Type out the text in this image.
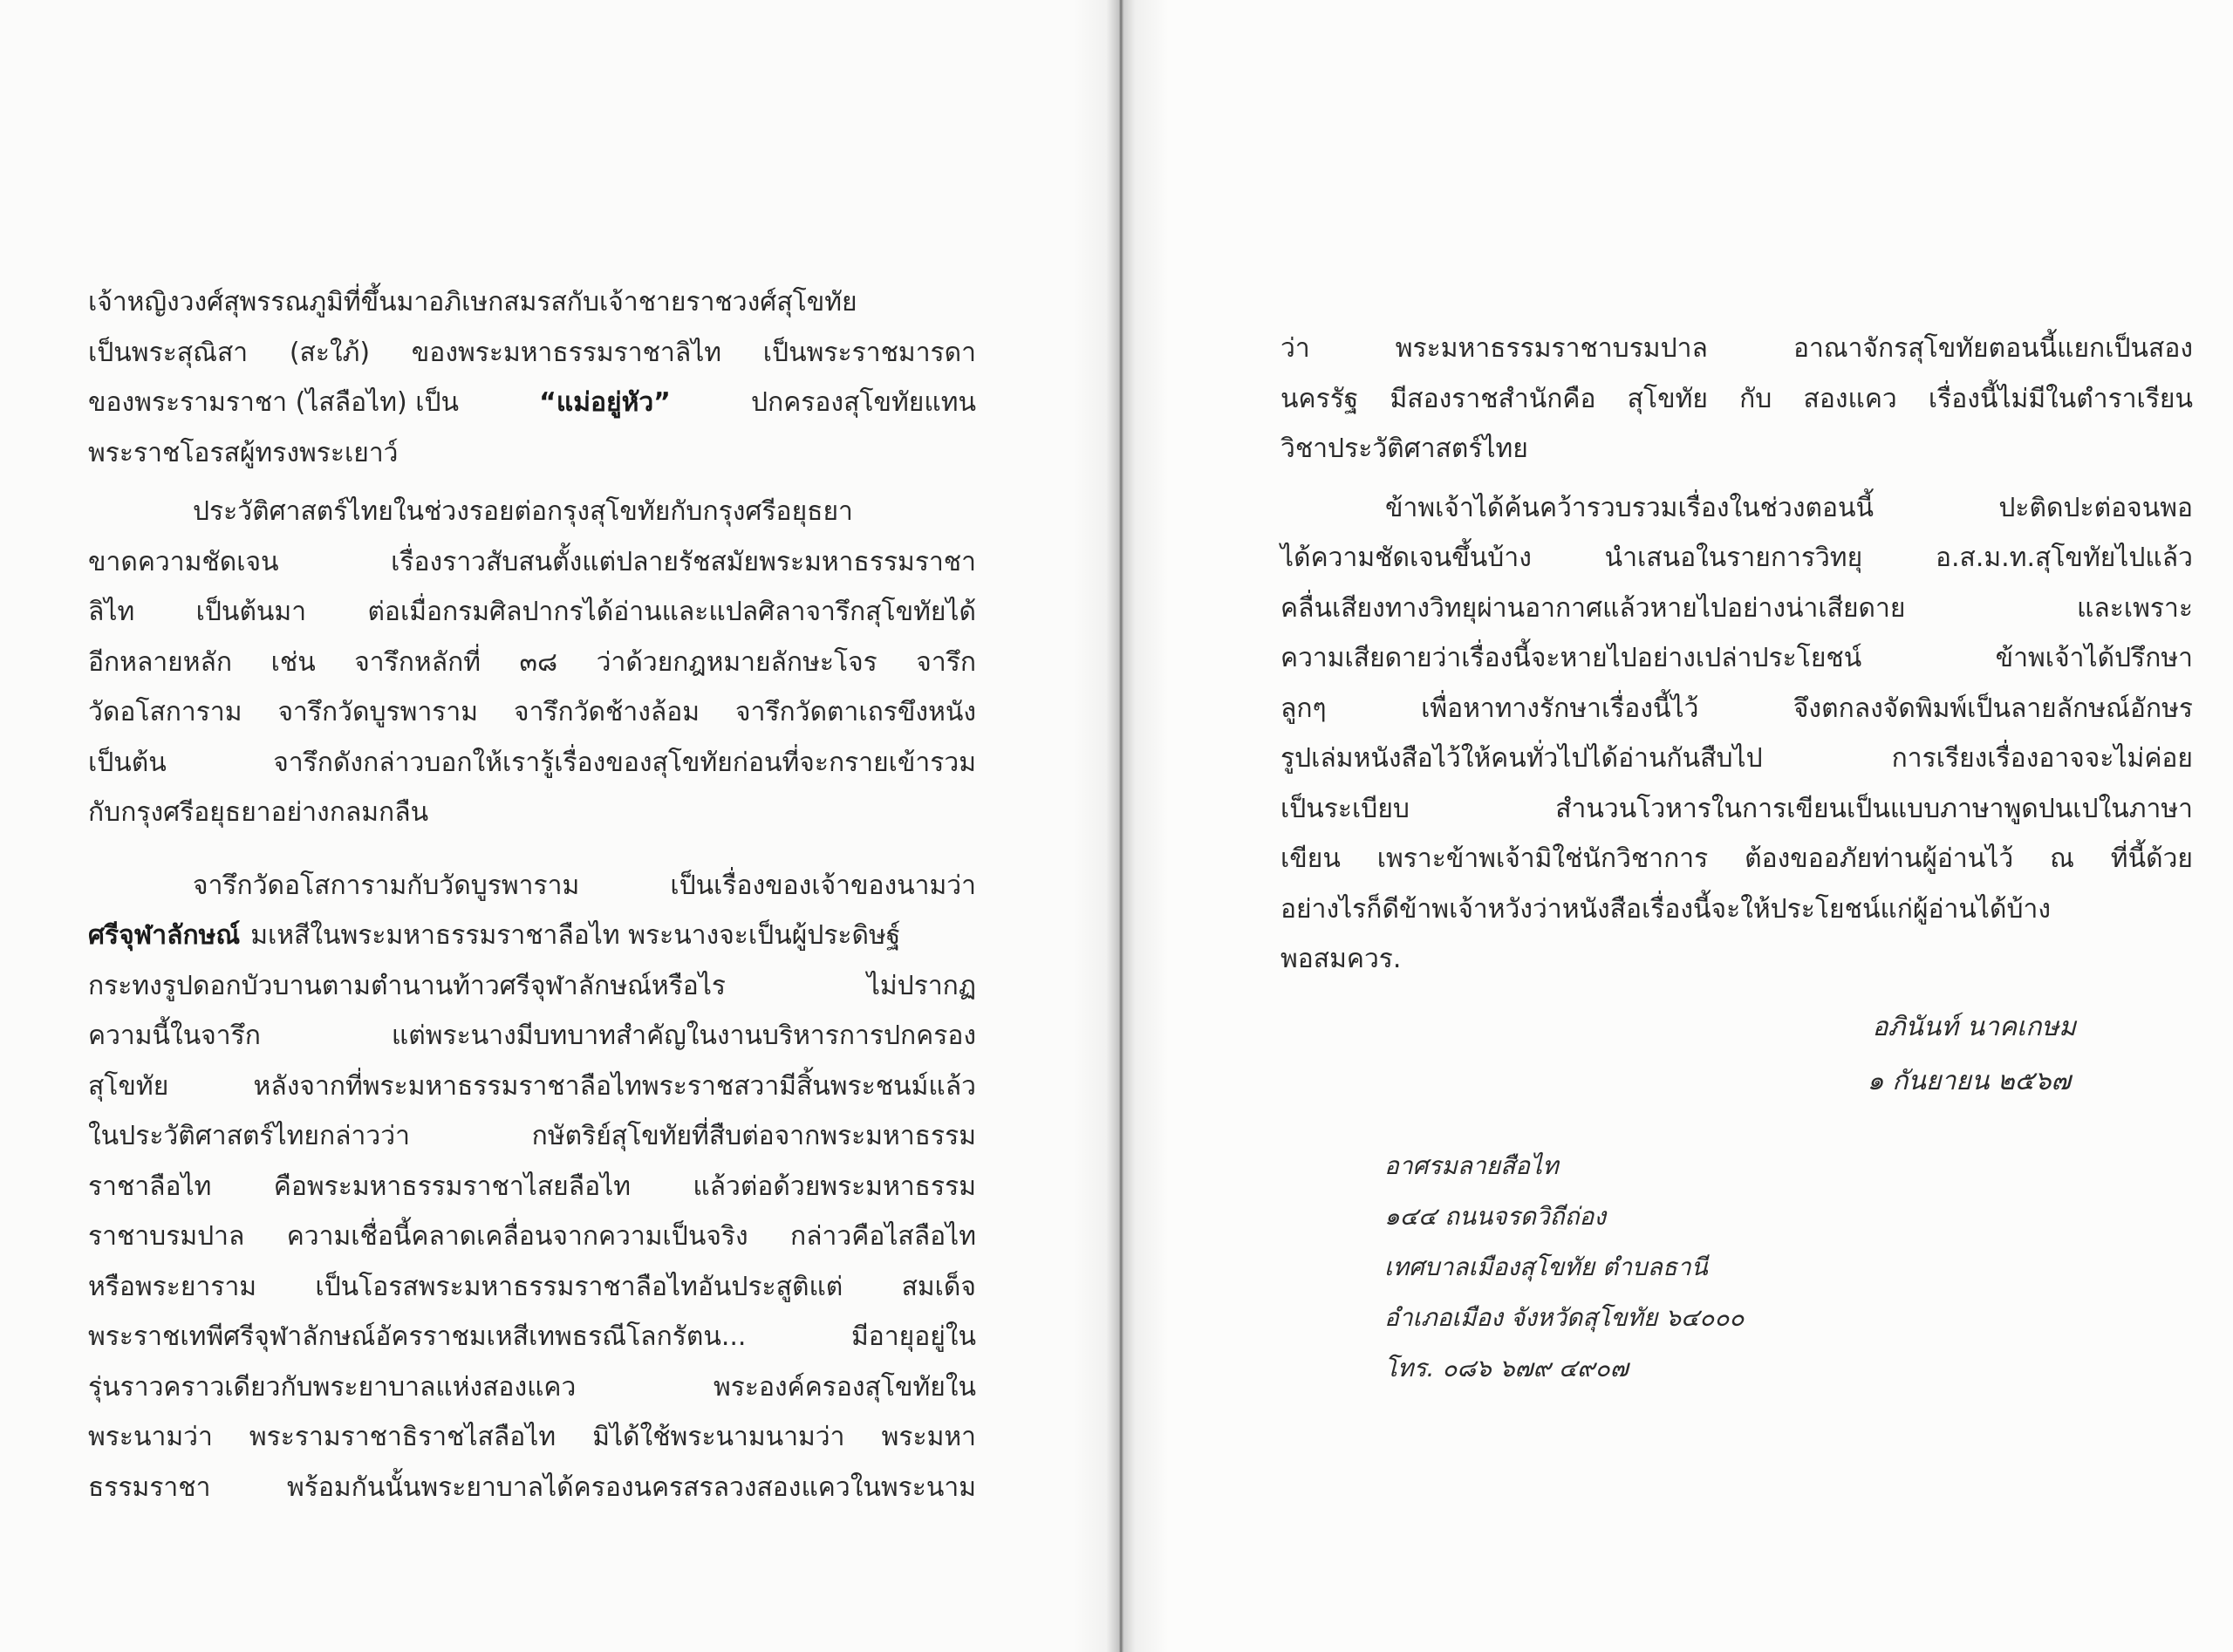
เจ้าหญิงวงศ์สุพรรณภูมิที่ขึ้นมาอภิเษกสมรสกับเจ้าชายราชวงศ์สุโขทัย
เป็นพระสุณิสา (สะใภ้) ของพระมหาธรรมราชาลิไท เป็นพระราชมารดา
ของพระรามราชา (ไสลือไท) เป็น	“แม่อยู่หัว”	ปกครองสุโขทัยแทน
พระราชโอรสผู้ทรงพระเยาว์
ประวัติศาสตร์ไทยในช่วงรอยต่อกรุงสุโขทัยกับกรุงศรีอยุธยา
ขาดความชัดเจน เรื่องราวสับสนตั้งแต่ปลายรัชสมัยพระมหาธรรมราชา
ลิไท เป็นต้นมา ต่อเมื่อกรมศิลปากรได้อ่านและแปลศิลาจารึกสุโขทัยได้
อีกหลายหลัก เช่น จารึกหลักที่ ๓๘ ว่าด้วยกฎหมายลักษะโจร จารึก
วัดอโสการาม จารึกวัดบูรพาราม จารึกวัดช้างล้อม จารึกวัดตาเถรขึงหนัง
เป็นต้น จารึกดังกล่าวบอกให้เรารู้เรื่องของสุโขทัยก่อนที่จะกรายเข้ารวม
กับกรุงศรีอยุธยาอย่างกลมกลืน
จารึกวัดอโสการามกับวัดบูรพาราม เป็นเรื่องของเจ้าของนามว่า
ศรีจุฬาลักษณ์ มเหสีในพระมหาธรรมราชาลือไท พระนางจะเป็นผู้ประดิษฐ์
กระทงรูปดอกบัวบานตามตำนานท้าวศรีจุฬาลักษณ์หรือไร ไม่ปรากฏ
ความนี้ในจารึก แต่พระนางมีบทบาทสำคัญในงานบริหารการปกครอง
สุโขทัย หลังจากที่พระมหาธรรมราชาลือไทพระราชสวามีสิ้นพระชนม์แล้ว
ในประวัติศาสตร์ไทยกล่าวว่า กษัตริย์สุโขทัยที่สืบต่อจากพระมหาธรรม
ราชาลือไท คือพระมหาธรรมราชาไสยลือไท แล้วต่อด้วยพระมหาธรรม
ราชาบรมปาล ความเชื่อนี้คลาดเคลื่อนจากความเป็นจริง กล่าวคือไสลือไท
หรือพระยาราม เป็นโอรสพระมหาธรรมราชาลือไทอันประสูติแต่ สมเด็จ
พระราชเทพีศรีจุฬาลักษณ์อัครราชมเหสีเทพธรณีโลกรัตน... มีอายุอยู่ใน
รุ่นราวคราวเดียวกับพระยาบาลแห่งสองแคว พระองค์ครองสุโขทัยใน
พระนามว่า พระรามราชาธิราชไสลือไท มิได้ใช้พระนามนามว่า พระมหา
ธรรมราชา พร้อมกันนั้นพระยาบาลได้ครองนครสรลวงสองแควในพระนาม
ว่า พระมหาธรรมราชาบรมปาล อาณาจักรสุโขทัยตอนนี้แยกเป็นสอง
นครรัฐ มีสองราชสำนักคือ สุโขทัย กับ สองแคว เรื่องนี้ไม่มีในตำราเรียน
วิชาประวัติศาสตร์ไทย
ข้าพเจ้าได้ค้นคว้ารวบรวมเรื่องในช่วงตอนนี้ ปะติดปะต่อจนพอ
ได้ความชัดเจนขึ้นบ้าง นำเสนอในรายการวิทยุ อ.ส.ม.ท.สุโขทัยไปแล้ว
คลื่นเสียงทางวิทยุผ่านอากาศแล้วหายไปอย่างน่าเสียดาย และเพราะ
ความเสียดายว่าเรื่องนี้จะหายไปอย่างเปล่าประโยชน์ ข้าพเจ้าได้ปรึกษา
ลูกๆ เพื่อหาทางรักษาเรื่องนี้ไว้ จึงตกลงจัดพิมพ์เป็นลายลักษณ์อักษร
รูปเล่มหนังสือไว้ให้คนทั่วไปได้อ่านกันสืบไป การเรียงเรื่องอาจจะไม่ค่อย
เป็นระเบียบ สำนวนโวหารในการเขียนเป็นแบบภาษาพูดปนเปในภาษา
เขียน เพราะข้าพเจ้ามิใช่นักวิชาการ ต้องขออภัยท่านผู้อ่านไว้ ณ ที่นี้ด้วย
อย่างไรก็ดีข้าพเจ้าหวังว่าหนังสือเรื่องนี้จะให้ประโยชน์แก่ผู้อ่านได้บ้าง
พอสมควร.
อภินันท์ นาคเกษม
๑ กันยายน ๒๕๖๗
อาศรมลายสือไท
๑๔๔ ถนนจรดวิถีถ่อง
เทศบาลเมืองสุโขทัย ตำบลธานี
อำเภอเมือง จังหวัดสุโขทัย ๖๔๐๐๐
โทร. ๐๘๖ ๖๗๙ ๔๙๐๗
